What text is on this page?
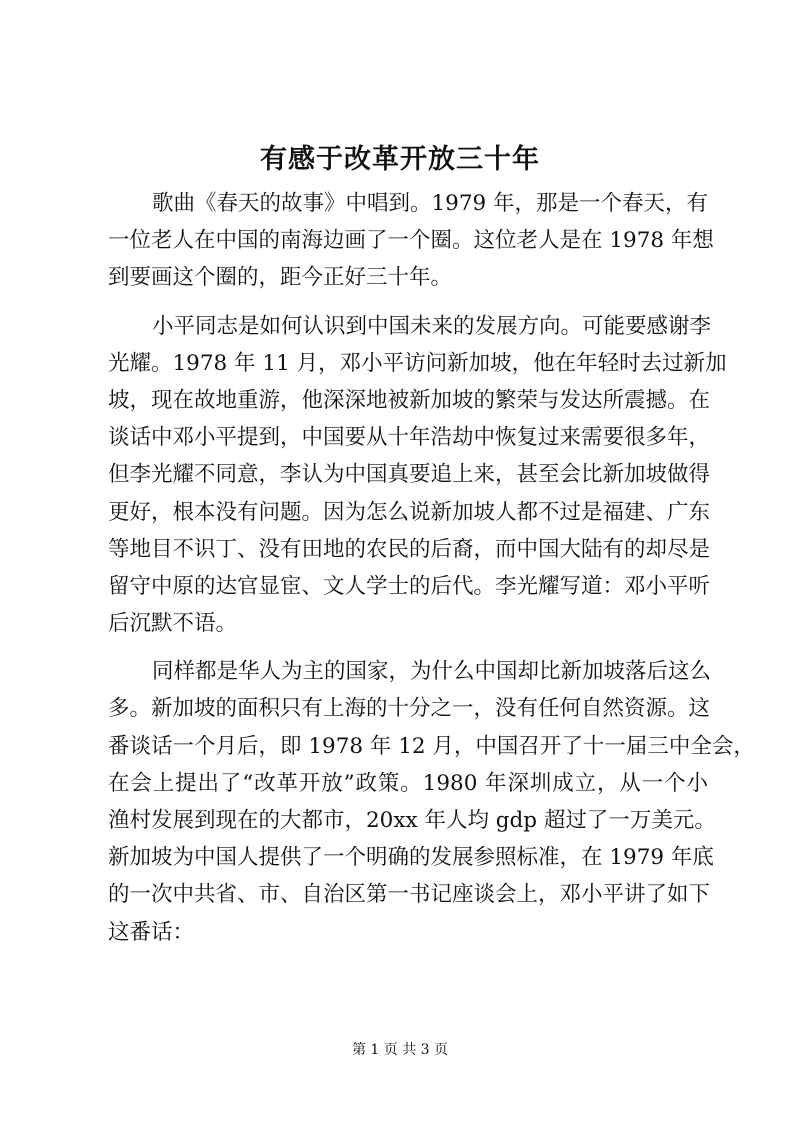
有感于改革开放三十年
歌曲《春天的故事》中唱到。1979 年，那是一个春天，有
一位老人在中国的南海边画了一个圈。这位老人是在 1978 年想
到要画这个圈的，距今正好三十年。
小平同志是如何认识到中国未来的发展方向。可能要感谢李
光耀。1978 年 11 月，邓小平访问新加坡，他在年轻时去过新加
坡，现在故地重游，他深深地被新加坡的繁荣与发达所震撼。在
谈话中邓小平提到，中国要从十年浩劫中恢复过来需要很多年，
但李光耀不同意，李认为中国真要追上来，甚至会比新加坡做得
更好，根本没有问题。因为怎么说新加坡人都不过是福建、广东
等地目不识丁、没有田地的农民的后裔，而中国大陆有的却尽是
留守中原的达官显宦、文人学士的后代。李光耀写道：邓小平听
后沉默不语。
同样都是华人为主的国家，为什么中国却比新加坡落后这么
多。新加坡的面积只有上海的十分之一，没有任何自然资源。这
番谈话一个月后，即 1978 年 12 月，中国召开了十一届三中全会，
在会上提出了“改革开放”政策。1980 年深圳成立，从一个小
渔村发展到现在的大都市，20xx 年人均 gdp 超过了一万美元。
新加坡为中国人提供了一个明确的发展参照标准，在 1979 年底
的一次中共省、市、自治区第一书记座谈会上，邓小平讲了如下
这番话：
第 1 页 共 3 页
